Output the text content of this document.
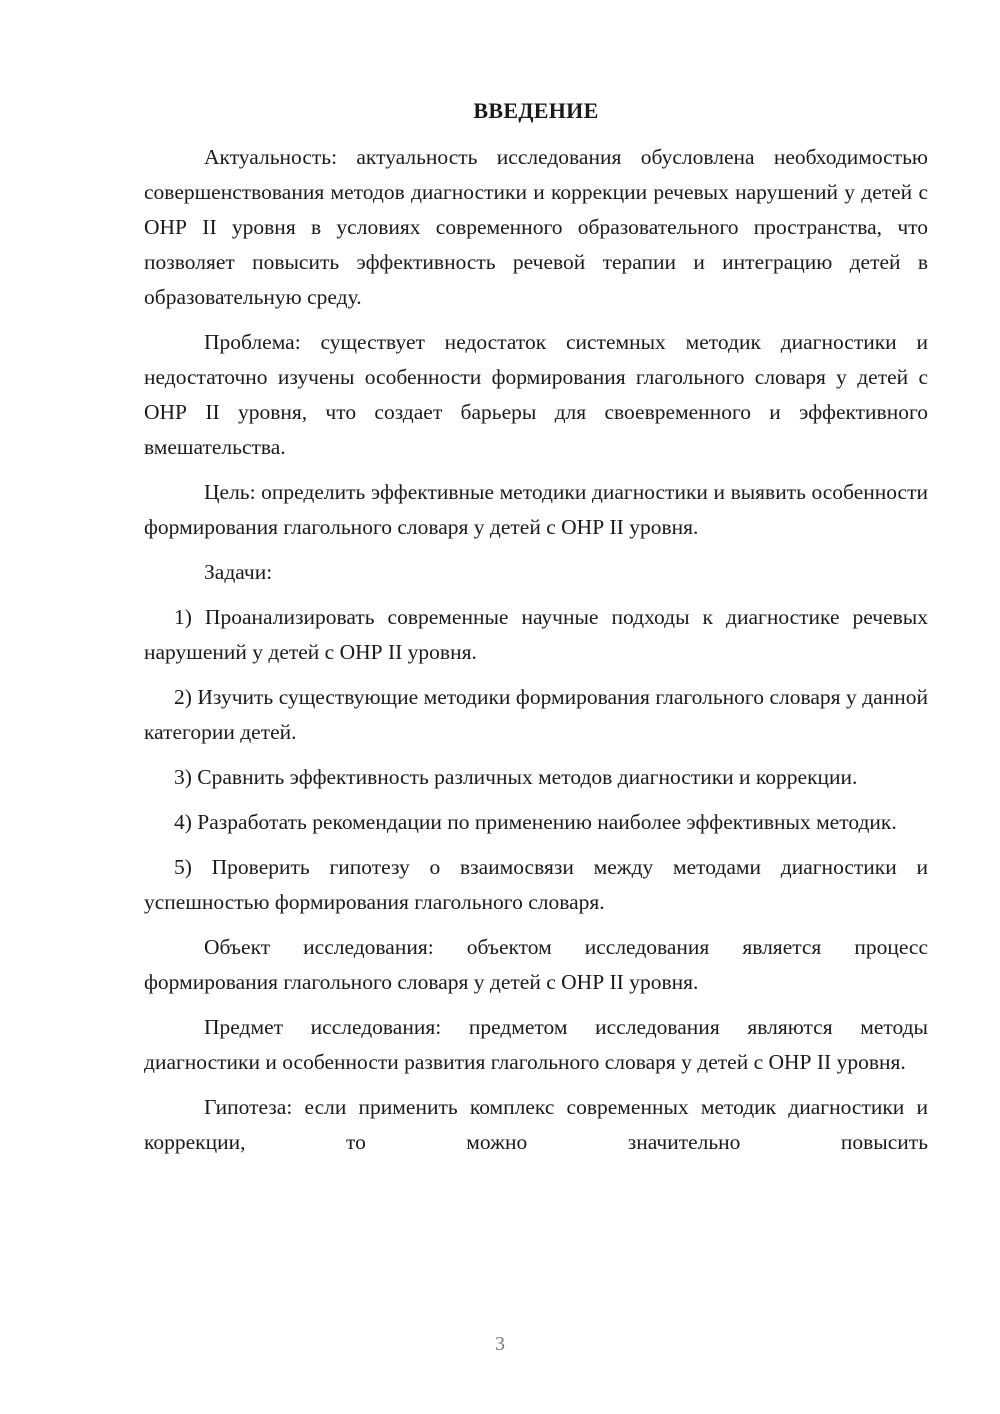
ВВЕДЕНИЕ

Актуальность: актуальность исследования обусловлена необходимостью совершенствования методов диагностики и коррекции речевых нарушений у детей с ОНР II уровня в условиях современного образовательного пространства, что позволяет повысить эффективность речевой терапии и интеграцию детей в образовательную среду.

Проблема: существует недостаток системных методик диагностики и недостаточно изучены особенности формирования глагольного словаря у детей с ОНР II уровня, что создает барьеры для своевременного и эффективного вмешательства.

Цель: определить эффективные методики диагностики и выявить особенности формирования глагольного словаря у детей с ОНР II уровня.

Задачи:

1) Проанализировать современные научные подходы к диагностике речевых нарушений у детей с ОНР II уровня.

2) Изучить существующие методики формирования глагольного словаря у данной категории детей.

3) Сравнить эффективность различных методов диагностики и коррекции.

4) Разработать рекомендации по применению наиболее эффективных методик.

5) Проверить гипотезу о взаимосвязи между методами диагностики и успешностью формирования глагольного словаря.

Объект исследования: объектом исследования является процесс формирования глагольного словаря у детей с ОНР II уровня.

Предмет исследования: предметом исследования являются методы диагностики и особенности развития глагольного словаря у детей с ОНР II уровня.

Гипотеза: если применить комплекс современных методик диагностики и коррекции, то можно значительно повысить

3
